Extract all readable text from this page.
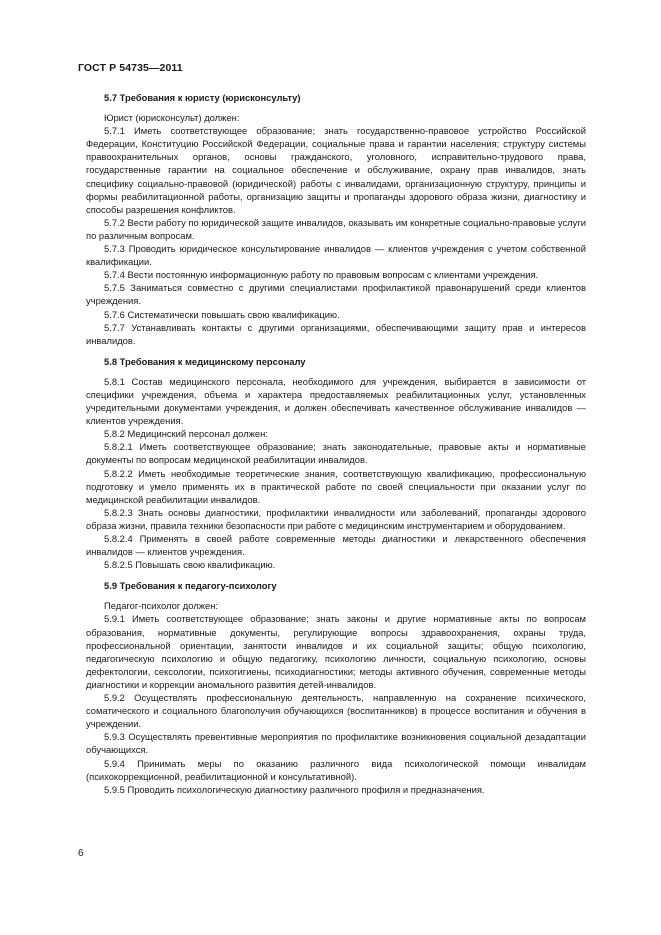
ГОСТ Р 54735—2011
5.7 Требования к юристу (юрисконсульту)

Юрист (юрисконсульт) должен:

5.7.1 Иметь соответствующее образование; знать государственно-правовое устройство Российской Федерации, Конституцию Российской Федерации, социальные права и гарантии населения; структуру системы правоохранительных органов, основы гражданского, уголовного, исправительно-трудового права, государственные гарантии на социальное обеспечение и обслуживание, охрану прав инвалидов, знать специфику социально-правовой (юридической) работы с инвалидами, организационную структуру, принципы и формы реабилитационной работы, организацию защиты и пропаганды здорового образа жизни, диагностику и способы разрешения конфликтов.

5.7.2 Вести работу по юридической защите инвалидов, оказывать им конкретные социально-правовые услуги по различным вопросам.

5.7.3 Проводить юридическое консультирование инвалидов — клиентов учреждения с учетом собственной квалификации.

5.7.4 Вести постоянную информационную работу по правовым вопросам с клиентами учреждения.

5.7.5 Заниматься совместно с другими специалистами профилактикой правонарушений среди клиентов учреждения.

5.7.6 Систематически повышать свою квалификацию.

5.7.7 Устанавливать контакты с другими организациями, обеспечивающими защиту прав и интересов инвалидов.

5.8 Требования к медицинскому персоналу

5.8.1 Состав медицинского персонала, необходимого для учреждения, выбирается в зависимости от специфики учреждения, объема и характера предоставляемых реабилитационных услуг, установленных учредительными документами учреждения, и должен обеспечивать качественное обслуживание инвалидов — клиентов учреждения.

5.8.2 Медицинский персонал должен:

5.8.2.1 Иметь соответствующее образование; знать законодательные, правовые акты и нормативные документы по вопросам медицинской реабилитации инвалидов.

5.8.2.2 Иметь необходимые теоретические знания, соответствующую квалификацию, профессиональную подготовку и умело применять их в практической работе по своей специальности при оказании услуг по медицинской реабилитации инвалидов.

5.8.2.3 Знать основы диагностики, профилактики инвалидности или заболеваний, пропаганды здорового образа жизни, правила техники безопасности при работе с медицинским инструментарием и оборудованием.

5.8.2.4 Применять в своей работе современные методы диагностики и лекарственного обеспечения инвалидов — клиентов учреждения.

5.8.2.5 Повышать свою квалификацию.

5.9 Требования к педагогу-психологу

Педагог-психолог должен:

5.9.1 Иметь соответствующее образование; знать законы и другие нормативные акты по вопросам образования, нормативные документы, регулирующие вопросы здравоохранения, охраны труда, профессиональной ориентации, занятости инвалидов и их социальной защиты; общую психологию, педагогическую психологию и общую педагогику, психологию личности, социальную психологию, основы дефектологии, сексологии, психогигиены, психодиагностики; методы активного обучения, современные методы диагностики и коррекции аномального развития детей-инвалидов.

5.9.2 Осуществлять профессиональную деятельность, направленную на сохранение психического, соматического и социального благополучия обучающихся (воспитанников) в процессе воспитания и обучения в учреждении.

5.9.3 Осуществлять превентивные мероприятия по профилактике возникновения социальной дезадаптации обучающихся.

5.9.4 Принимать меры по оказанию различного вида психологической помощи инвалидам (психокоррекционной, реабилитационной и консультативной).

5.9.5 Проводить психологическую диагностику различного профиля и предназначения.

6
